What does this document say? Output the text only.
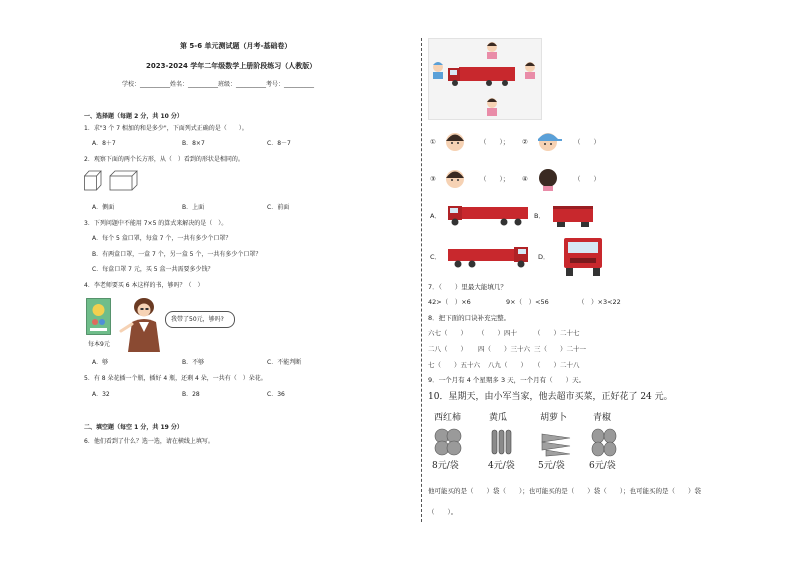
第 5-6 单元测试题（月考-基础卷）
2023-2024 学年二年级数学上册阶段练习（人教版）
学校：__________姓名：__________班级：__________考号：__________
一、选择题（每题 2 分，共 10 分）
1．求"3 个 7 相加的和是多少"，下面列式正确的是（　　）。
A．8＋7	B．8×7	C．8－7
2．观察下面的两个长方形，从（　）看到的形状是相同的。
A．侧面	B．上面	C．前面
3．下列问题中不能用 7×5 的算式来解决的是（　）。
A．每个 5 盒口罩，每盒 7 个，一共有多少个口罩？
B．有两盒口罩，一盒 7 个，另一盒 5 个，一共有多少个口罩？
C．每盒口罩 7 元，买 5 盒一共需要多少钱？
4．李老师要买 6 本这样的书，够吗？（　）
每本9元
我带了50元，够吗?
A．够	B．不够	C．不能判断
5．有 8 朵花插一个瓶，插好 4 瓶，还剩 4 朵，一共有（　）朵花。
A．32	B．28	C．36
二、填空题（每空 1 分，共 19 分）
6．他们看到了什么？选一选，请在横线上填写。
①	（　　）； ②	（　　）
③	（　　）； ④	（　　）
A．	B．
C．	D．
7．（　　）里最大能填几？
42>（　）×6	9×（　）<56	（　）×3<22
8．把下面的口诀补充完整。
六七（　　） （　　）四十	（　　）二十七
二八（　　） 四（　　）三十六 三（　　）二十一
七（　　）五十六 八九（　　） （　　）二十八
9．一个月有 4 个星期多 3 天，一个月有（　　）天。
10．星期天，由小军当家，他去超市买菜，正好花了 24 元。
西红柿	黄瓜	胡萝卜	青椒
8元/袋	4元/袋	5元/袋	6元/袋
他可能买的是（　　）袋（　　）；也可能买的是（　　）袋（　　）；也可能买的是（　　）袋
（　　）。
